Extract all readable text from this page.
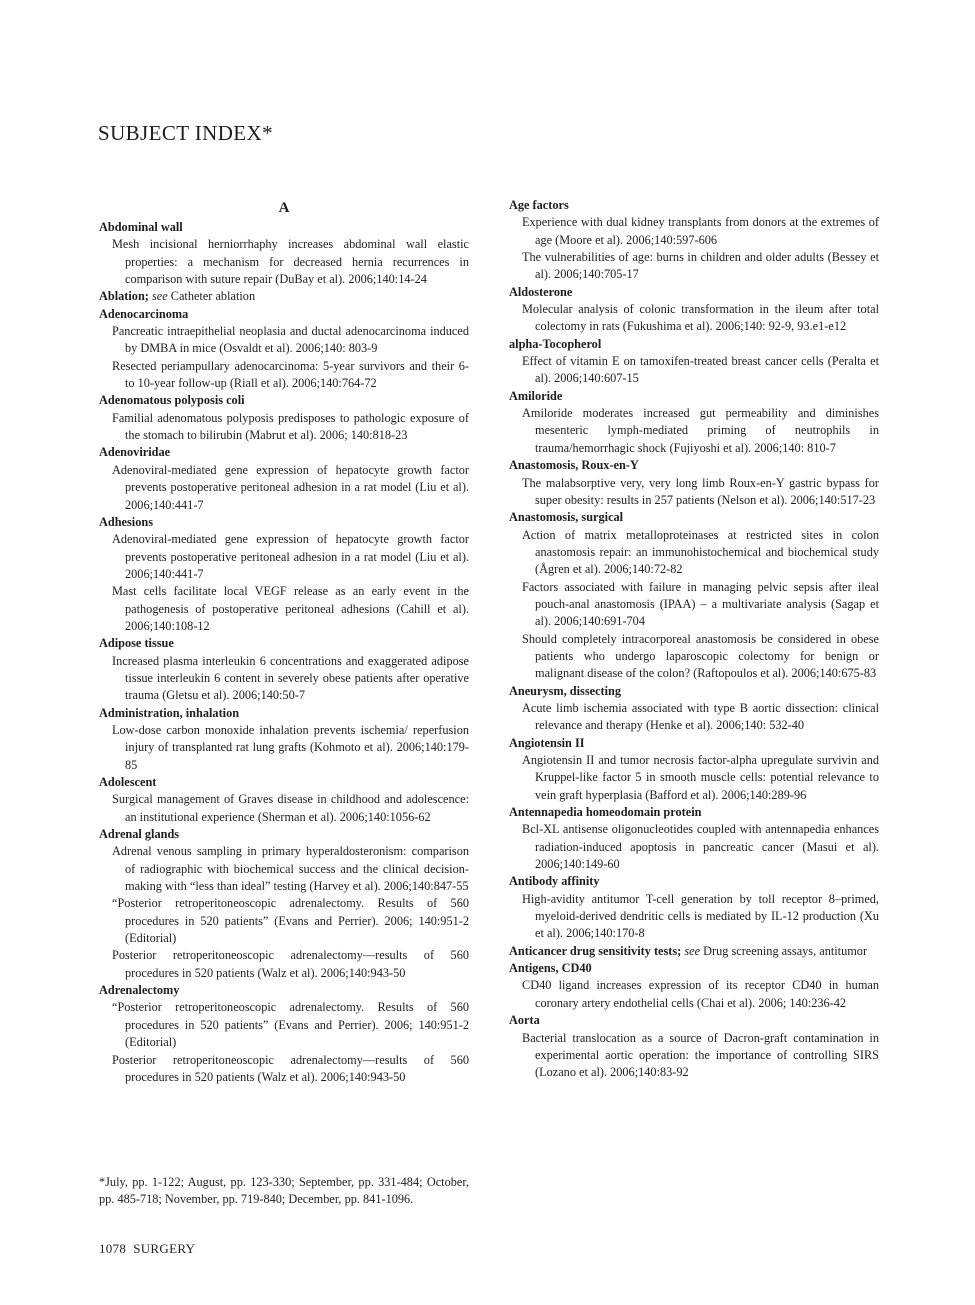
SUBJECT INDEX*
A
Abdominal wall
Mesh incisional herniorrhaphy increases abdominal wall elastic properties: a mechanism for decreased hernia recurrences in comparison with suture repair (DuBay et al). 2006;140:14-24
Ablation; see Catheter ablation
Adenocarcinoma
Pancreatic intraepithelial neoplasia and ductal adenocarcinoma induced by DMBA in mice (Osvaldt et al). 2006;140: 803-9
Resected periampullary adenocarcinoma: 5-year survivors and their 6- to 10-year follow-up (Riall et al). 2006;140:764-72
Adenomatous polyposis coli
Familial adenomatous polyposis predisposes to pathologic exposure of the stomach to bilirubin (Mabrut et al). 2006; 140:818-23
Adenoviridae
Adenoviral-mediated gene expression of hepatocyte growth factor prevents postoperative peritoneal adhesion in a rat model (Liu et al). 2006;140:441-7
Adhesions
Adenoviral-mediated gene expression of hepatocyte growth factor prevents postoperative peritoneal adhesion in a rat model (Liu et al). 2006;140:441-7
Mast cells facilitate local VEGF release as an early event in the pathogenesis of postoperative peritoneal adhesions (Cahill et al). 2006;140:108-12
Adipose tissue
Increased plasma interleukin 6 concentrations and exaggerated adipose tissue interleukin 6 content in severely obese patients after operative trauma (Gletsu et al). 2006;140:50-7
Administration, inhalation
Low-dose carbon monoxide inhalation prevents ischemia/ reperfusion injury of transplanted rat lung grafts (Kohmoto et al). 2006;140:179-85
Adolescent
Surgical management of Graves disease in childhood and adolescence: an institutional experience (Sherman et al). 2006;140:1056-62
Adrenal glands
Adrenal venous sampling in primary hyperaldosteronism: comparison of radiographic with biochemical success and the clinical decision-making with “less than ideal” testing (Harvey et al). 2006;140:847-55
“Posterior retroperitoneoscopic adrenalectomy. Results of 560 procedures in 520 patients” (Evans and Perrier). 2006; 140:951-2 (Editorial)
Posterior retroperitoneoscopic adrenalectomy—results of 560 procedures in 520 patients (Walz et al). 2006;140:943-50
Adrenalectomy
“Posterior retroperitoneoscopic adrenalectomy. Results of 560 procedures in 520 patients” (Evans and Perrier). 2006; 140:951-2 (Editorial)
Posterior retroperitoneoscopic adrenalectomy—results of 560 procedures in 520 patients (Walz et al). 2006;140:943-50
Age factors
Experience with dual kidney transplants from donors at the extremes of age (Moore et al). 2006;140:597-606
The vulnerabilities of age: burns in children and older adults (Bessey et al). 2006;140:705-17
Aldosterone
Molecular analysis of colonic transformation in the ileum after total colectomy in rats (Fukushima et al). 2006;140: 92-9, 93.e1-e12
alpha-Tocopherol
Effect of vitamin E on tamoxifen-treated breast cancer cells (Peralta et al). 2006;140:607-15
Amiloride
Amiloride moderates increased gut permeability and diminishes mesenteric lymph-mediated priming of neutrophils in trauma/hemorrhagic shock (Fujiyoshi et al). 2006;140: 810-7
Anastomosis, Roux-en-Y
The malabsorptive very, very long limb Roux-en-Y gastric bypass for super obesity: results in 257 patients (Nelson et al). 2006;140:517-23
Anastomosis, surgical
Action of matrix metalloproteinases at restricted sites in colon anastomosis repair: an immunohistochemical and biochemical study (Ågren et al). 2006;140:72-82
Factors associated with failure in managing pelvic sepsis after ileal pouch-anal anastomosis (IPAA) – a multivariate analysis (Sagap et al). 2006;140:691-704
Should completely intracorporeal anastomosis be considered in obese patients who undergo laparoscopic colectomy for benign or malignant disease of the colon? (Raftopoulos et al). 2006;140:675-83
Aneurysm, dissecting
Acute limb ischemia associated with type B aortic dissection: clinical relevance and therapy (Henke et al). 2006;140: 532-40
Angiotensin II
Angiotensin II and tumor necrosis factor-alpha upregulate survivin and Kruppel-like factor 5 in smooth muscle cells: potential relevance to vein graft hyperplasia (Bafford et al). 2006;140:289-96
Antennapedia homeodomain protein
Bcl-XL antisense oligonucleotides coupled with antennapedia enhances radiation-induced apoptosis in pancreatic cancer (Masui et al). 2006;140:149-60
Antibody affinity
High-avidity antitumor T-cell generation by toll receptor 8–primed, myeloid-derived dendritic cells is mediated by IL-12 production (Xu et al). 2006;140:170-8
Anticancer drug sensitivity tests; see Drug screening assays, antitumor
Antigens, CD40
CD40 ligand increases expression of its receptor CD40 in human coronary artery endothelial cells (Chai et al). 2006; 140:236-42
Aorta
Bacterial translocation as a source of Dacron-graft contamination in experimental aortic operation: the importance of controlling SIRS (Lozano et al). 2006;140:83-92
*July, pp. 1-122; August, pp. 123-330; September, pp. 331-484; October, pp. 485-718; November, pp. 719-840; December, pp. 841-1096.
1078 SURGERY
